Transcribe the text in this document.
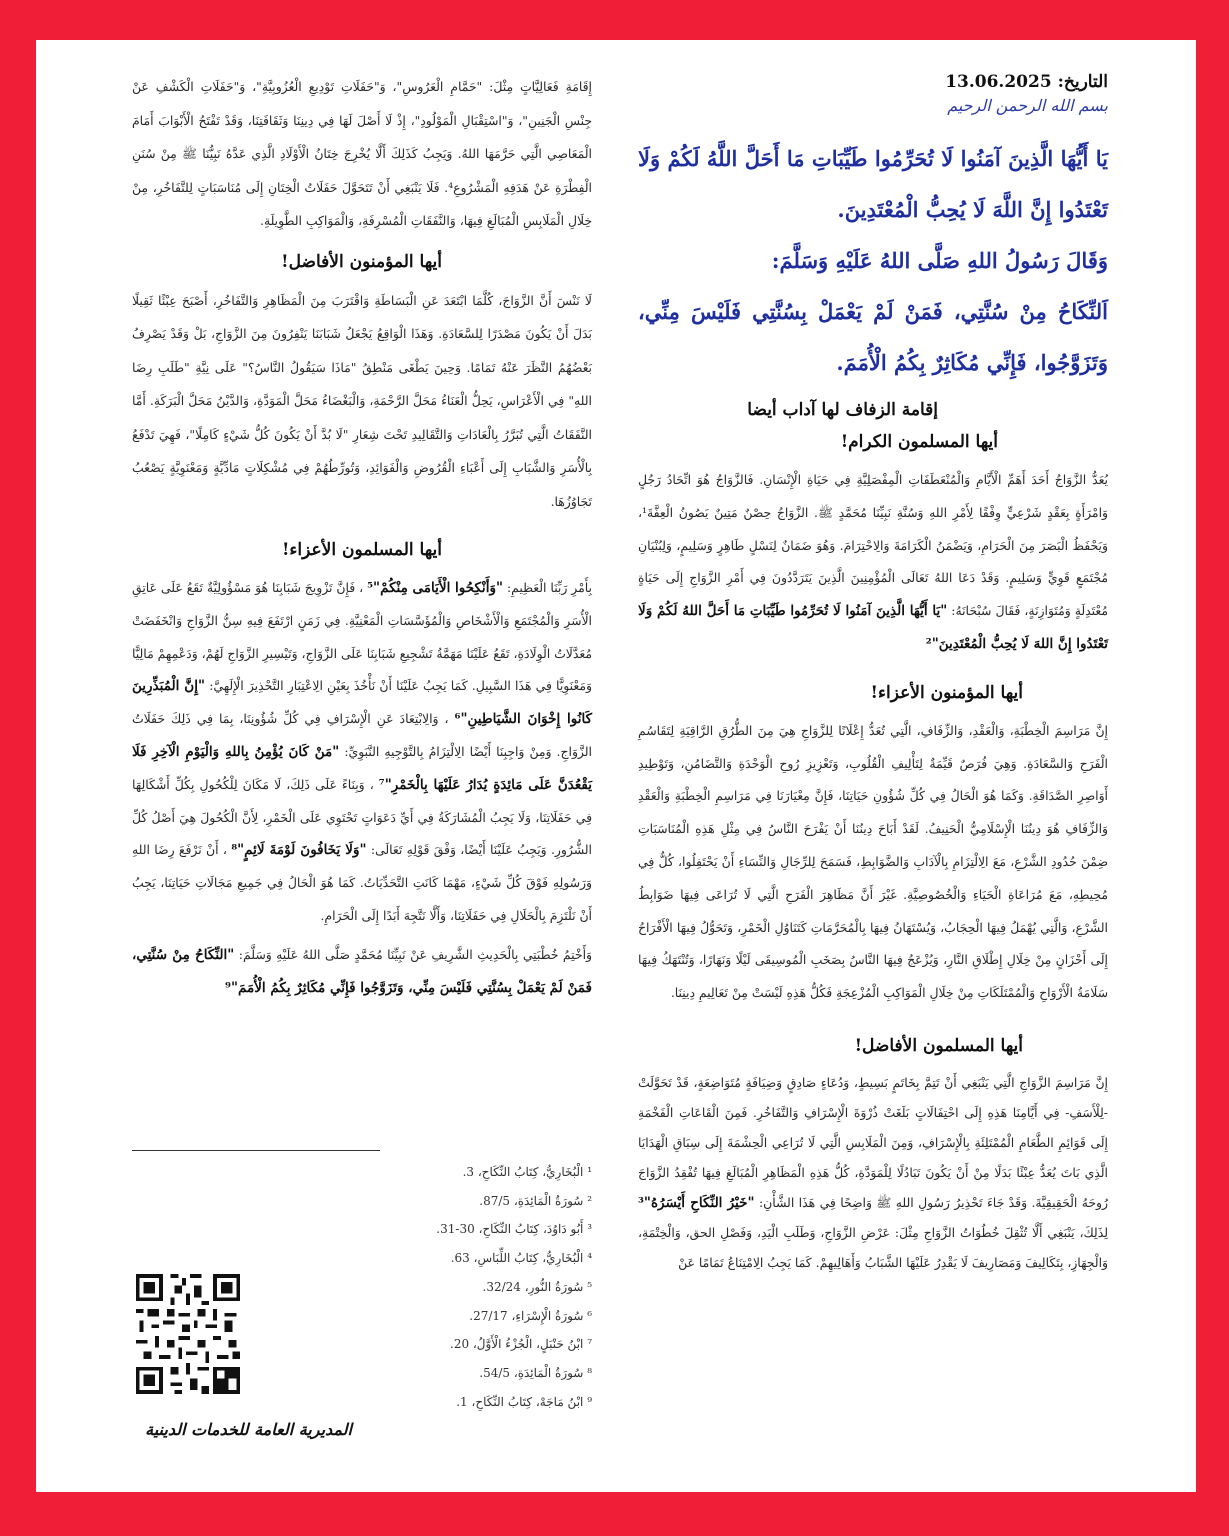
التاريخ: 13.06.2025
بسم الله الرحمن الرحيم
يَا أَيُّهَا الَّذِينَ آمَنُوا لَا تُحَرِّمُوا طَيِّبَاتِ مَا أَحَلَّ اللَّهُ لَكُمْ وَلَا تَعْتَدُوا إِنَّ اللَّهَ لَا يُحِبُّ الْمُعْتَدِينَ.
وَقَالَ رَسُولُ اللهِ صَلَّى اللهُ عَلَيْهِ وَسَلَّمَ:
اَلنِّكَاحُ مِنْ سُنَّتِي، فَمَنْ لَمْ يَعْمَلْ بِسُنَّتِي فَلَيْسَ مِنِّي، وَتَزَوَّجُوا، فَإِنِّي مُكَاثِرٌ بِكُمُ الْأُمَمَ.
إقامة الزفاف لها آداب أيضا
أيها المسلمون الكرام!

يُعَدُّ الزَّوَاجُ أَحَدَ أَهَمِّ الْأَيَّامِ وَالْمُنْعَطَفَاتِ الْمِفْصَلِيَّةِ فِي حَيَاةِ الْإِنْسَانِ. فَالزَّوَاجُ هُوَ اتِّحَادُ رَجُلٍ وَامْرَأَةٍ بِعَقْدٍ شَرْعِيٍّ وِفْقًا لِأَمْرِ اللهِ وَسُنَّةِ نَبِيِّنَا مُحَمَّدٍ ﷺ. الزَّوَاجُ حِصْنٌ مَتِينٌ يَصُونُ الْعِفَّةَ¹، وَيَحْفَظُ الْبَصَرَ مِنَ الْحَرَامِ، وَيَضْمَنُ الْكَرَامَةَ وَالِاحْتِرَامَ. وَهُوَ ضَمَانٌ لِنَسْلٍ طَاهِرٍ وَسَلِيمٍ، وَلِبُنْيَانِ مُجْتَمَعٍ قَوِيٍّ وَسَلِيمٍ. وَقَدْ دَعَا اللهُ تَعَالَى الْمُؤْمِنِينَ الَّذِينَ يَتَرَدَّدُونَ فِي أَمْرِ الزَّوَاجِ إِلَى حَيَاةٍ مُعْتَدِلَةٍ وَمُتَوَازِنَةٍ، فَقَالَ سُبْحَانَهُ: "يَا أَيُّهَا الَّذِينَ آمَنُوا لَا تُحَرِّمُوا طَيِّبَاتِ مَا أَحَلَّ اللهُ لَكُمْ وَلَا تَعْتَدُوا إِنَّ اللهَ لَا يُحِبُّ الْمُعْتَدِينَ"²

أيها المؤمنون الأعزاء!

إِنَّ مَرَاسِمَ الْخِطْبَةِ، وَالْعَقْدِ، وَالزِّفَافِ، الَّتِي تُعَدُّ إِعْلَانًا لِلزَّوَاجِ هِيَ مِنَ الطُّرُقِ الرَّاقِيَةِ لِتَقَاسُمِ الْفَرَحِ وَالسَّعَادَةِ. وَهِيَ فُرَصٌ قَيِّمَةٌ لِتَأْلِيفِ الْقُلُوبِ، وَتَعْزِيزِ رُوحِ الْوَحْدَةِ وَالتَّضَامُنِ، وَتَوْطِيدِ أَوَاصِرِ الصَّدَاقَةِ. وَكَمَا هُوَ الْحَالُ فِي كُلِّ شُؤُونِ حَيَاتِنَا، فَإِنَّ مِعْيَارَنَا فِي مَرَاسِمِ الْخِطْبَةِ وَالْعَقْدِ وَالزِّفَافِ هُوَ دِينُنَا الْإِسْلَامِيُّ الْحَنِيفُ. لَقَدْ أَبَاحَ دِينُنَا أَنْ يَفْرَحَ النَّاسُ فِي مِثْلِ هَذِهِ الْمُنَاسَبَاتِ ضِمْنَ حُدُودِ الشَّرْعِ، مَعَ الِالْتِزَامِ بِالْآدَابِ وَالضَّوَابِطِ، فَسَمَحَ لِلرِّجَالِ وَالنِّسَاءِ أَنْ يَحْتَفِلُوا، كُلٌّ فِي مُحِيطِهِ، مَعَ مُرَاعَاةِ الْحَيَاءِ وَالْخُصُوصِيَّةِ. غَيْرَ أَنَّ مَظَاهِرَ الْفَرَحِ الَّتِي لَا تُرَاعَى فِيهَا ضَوَابِطُ الشَّرْعِ، وَالَّتِي يُهْمَلُ فِيهَا الْحِجَابُ، وَيُسْتَهَانُ فِيهَا بِالْمُحَرَّمَاتِ كَتَنَاوُلِ الْخَمْرِ، وَتَحَوُّلُ فِيهَا الْأَفْرَاحُ إِلَى أَحْزَانٍ مِنْ خِلَالِ إِطْلَاقِ النَّارِ، وَيُزْعَجُ فِيهَا النَّاسُ بِصَخَبِ الْمُوسِيقَى لَيْلًا وَنَهَارًا، وَتُنْتَهَكُ فِيهَا سَلَامَةُ الْأَرْوَاحِ وَالْمُمْتَلَكَاتِ مِنْ خِلَالِ الْمَوَاكِبِ الْمُزْعِجَةِ فَكُلُّ هَذِهِ لَيْسَتْ مِنْ تَعَالِيمِ دِينِنَا.

أيها المسلمون الأفاضل!

إِنَّ مَرَاسِمَ الزَّوَاجِ الَّتِي يَنْبَغِي أَنْ تَتِمَّ بِخَاتَمٍ بَسِيطٍ، وَدُعَاءٍ صَادِقٍ وَضِيَافَةٍ مُتَوَاضِعَةٍ، قَدْ تَحَوَّلَتْ -لِلْأَسَفِ- فِي أَيَّامِنَا هَذِهِ إِلَى احْتِفَالَاتٍ بَلَغَتْ ذُرْوَةَ الْإِسْرَافِ وَالتَّفَاخُرِ. فَمِنَ الْقَاعَاتِ الْفَخْمَةِ إِلَى قَوَائِمِ الطَّعَامِ الْمُمْتَلِئَةِ بِالْإِسْرَافِ، وَمِنَ الْمَلَابِسِ الَّتِي لَا تُرَاعِي الْحِشْمَةَ إِلَى سِبَاقِ الْهَدَايَا الَّذِي بَاتَ يُعَدُّ عِبْئًا بَدَلًا مِنْ أَنْ يَكُونَ تَبَادُلًا لِلْمَوَدَّةِ، كُلُّ هَذِهِ الْمَظَاهِرِ الْمُبَالَغِ فِيهَا تُفْقِدُ الزَّوَاجَ رُوحَهُ الْحَقِيقِيَّةَ. وَقَدْ جَاءَ تَحْذِيرُ رَسُولِ اللهِ ﷺ وَاضِحًا فِي هَذَا الشَّأْنِ: "خَيْرُ النِّكَاحِ أَيْسَرُهُ"³ لِذَلِكَ، يَنْبَغِي أَلَّا تُثْقِلَ خُطُوَاتُ الزَّوَاجِ مِثْلَ: عَرْضِ الزَّوَاجِ، وَطَلَبِ الْيَدِ، وَفَصْلِ الحق، وَالْخِتْمَةِ، وَالْجِهَازِ، بِتَكَالِيفَ وَمَصَارِيفَ لَا يَقْدِرُ عَلَيْهَا الشَّبَابُ وَأَهَالِيهِمْ. كَمَا يَجِبُ الِامْتِنَاعُ تَمَامًا عَنْ

إِقَامَةِ فَعَالِيَّاتٍ مِثْلَ: "حَمَّامِ الْعَرُوسِ"، وَ"حَفَلَاتِ تَوْدِيعِ الْعُزُوبِيَّةِ"، وَ"حَفَلَاتِ الْكَشْفِ عَنْ جِنْسِ الْجَنِينِ"، وَ"اسْتِقْبَالِ الْمَوْلُودِ"، إِذْ لَا أَصْلَ لَهَا فِي دِينِنَا وَثَقَافَتِنَا، وَقَدْ تَفْتَحُ الْأَبْوَابَ أَمَامَ الْمَعَاصِي الَّتِي حَرَّمَهَا اللهُ. وَيَجِبُ كَذَلِكَ أَلَّا يُخْرِجَ خِتَانُ الْأَوْلَادِ الَّذِي عَدَّهُ نَبِيُّنَا ﷺ مِنْ سُنَنِ الْفِطْرَةِ عَنْ هَدَفِهِ الْمَشْرُوعِ⁴. فَلَا يَنْبَغِي أَنْ تَتَحَوَّلَ حَفَلَاتُ الْخِتَانِ إِلَى مُنَاسَبَاتٍ لِلتَّفَاخُرِ، مِنْ خِلَالِ الْمَلَابِسِ الْمُبَالَغِ فِيهَا، وَالنَّفَقَاتِ الْمُسْرِفَةِ، وَالْمَوَاكِبِ الطَّوِيلَةِ.

أيها المؤمنون الأفاضل!

لَا نَنْسَ أَنَّ الزَّوَاجَ، كُلَّمَا ابْتَعَدَ عَنِ الْبَسَاطَةِ وَاقْتَرَبَ مِنَ الْمَظَاهِرِ وَالتَّفَاخُرِ، أَصْبَحَ عِبْئًا ثَقِيلًا بَدَلَ أَنْ يَكُونَ مَصْدَرًا لِلسَّعَادَةِ. وَهَذَا الْوَاقِعُ يَجْعَلُ شَبَابَنَا يَنْفِرُونَ مِنَ الزَّوَاجِ، بَلْ وَقَدْ يَصْرِفُ بَعْضُهُمُ النَّظَرَ عَنْهُ تَمَامًا. وَحِينَ يَطْغَى مَنْطِقُ "مَاذَا سَيَقُولُ النَّاسُ؟" عَلَى نِيَّةِ "طَلَبِ رِضَا اللهِ" فِي الْأَعْرَاسِ، يَحِلُّ الْعَنَاءُ مَحَلَّ الرَّحْمَةِ، وَالْبَغْضَاءُ مَحَلَّ الْمَوَدَّةِ، وَالدَّيْنُ مَحَلَّ الْبَرَكَةِ. أَمَّا النَّفَقَاتُ الَّتِي تُبَرَّرُ بِالْعَادَاتِ وَالتَّقَالِيدِ تَحْتَ شِعَارِ "لَا بُدَّ أَنْ يَكُونَ كُلُّ شَيْءٍ كَامِلًا"، فَهِيَ تَدْفَعُ بِالْأُسَرِ وَالشَّبَابِ إِلَى أَعْبَاءِ الْقُرُوضِ وَالْفَوَائِدِ، وَتُورِّطُهُمْ فِي مُشْكِلَاتٍ مَادِّيَّةٍ وَمَعْنَوِيَّةٍ يَصْعُبُ تَجَاوُزُهَا.

أيها المسلمون الأعزاء!

بِأَمْرِ رَبِّنَا الْعَظِيمِ: "وَأَنْكِحُوا الْأَيَامَى مِنْكُمْ"⁵ ، فَإِنَّ تَزْوِيجَ شَبَابِنَا هُوَ مَسْؤُولِيَّةٌ تَقَعُ عَلَى عَاتِقِ الْأُسَرِ وَالْمُجْتَمَعِ وَالْأَشْخَاصِ وَالْمُؤَسَّسَاتِ الْمَعْنِيَّةِ. فِي زَمَنٍ ارْتَفَعَ فِيهِ سِنُّ الزَّوَاجِ وَانْخَفَضَتْ مُعَدَّلَاتُ الْوِلَادَةِ، تَقَعُ عَلَيْنَا مَهَمَّةُ تَشْجِيعِ شَبَابِنَا عَلَى الزَّوَاجِ، وَتَيْسِيرِ الزَّوَاجِ لَهُمْ، وَدَعْمِهِمْ مَالِيًّا وَمَعْنَوِيًّا فِي هَذَا السَّبِيلِ. كَمَا يَجِبُ عَلَيْنَا أَنْ نَأْخُذَ بِعَيْنِ الِاعْتِبَارِ التَّحْذِيرَ الْإِلَهِيَّ: "إِنَّ الْمُبَذِّرِينَ كَانُوا إِخْوَانَ الشَّيَاطِينِ"⁶ ، وَالِابْتِعَادَ عَنِ الْإِسْرَافِ فِي كُلِّ شُؤُونِنَا، بِمَا فِي ذَلِكَ حَفَلَاتُ الزَّوَاجِ. وَمِنْ وَاجِبِنَا أَيْضًا الِالْتِزَامُ بِالتَّوْجِيهِ النَّبَوِيِّ: "مَنْ كَانَ يُؤْمِنُ بِاللهِ وَالْيَوْمِ الْآخِرِ فَلَا يَقْعُدَنَّ عَلَى مَائِدَةٍ يُدَارُ عَلَيْهَا بِالْخَمْرِ"⁷ ، وَبِنَاءً عَلَى ذَلِكَ، لَا مَكَانَ لِلْكُحُولِ بِكُلِّ أَشْكَالِهَا فِي حَفَلَاتِنَا، وَلَا يَجِبُ الْمُشَارَكَةُ فِي أَيِّ دَعَوَاتٍ تَحْتَوِي عَلَى الْخَمْرِ، لِأَنَّ الْكُحُولَ هِيَ أَصْلُ كُلِّ الشُّرُورِ. وَيَجِبُ عَلَيْنَا أَيْضًا، وَفْقَ قَوْلِهِ تَعَالَى: "وَلَا يَخَافُونَ لَوْمَةَ لَائِمٍ"⁸ ، أَنْ نَرْفَعَ رِضَا اللهِ وَرَسُولِهِ فَوْقَ كُلِّ شَيْءٍ، مَهْمَا كَانَتِ التَّحَدِّيَاتُ. كَمَا هُوَ الْحَالُ فِي جَمِيعِ مَجَالَاتِ حَيَاتِنَا، يَجِبُ أَنْ نَلْتَزِمَ بِالْحَلَالِ فِي حَفَلَاتِنَا، وَأَلَّا نَتَّجِهَ أَبَدًا إِلَى الْحَرَامِ.

وَأَخْتِمُ خُطْبَتِي بِالْحَدِيثِ الشَّرِيفِ عَنْ نَبِيِّنَا مُحَمَّدٍ صَلَّى اللهُ عَلَيْهِ وَسَلَّمَ: "النِّكَاحُ مِنْ سُنَّتِي، فَمَنْ لَمْ يَعْمَلْ بِسُنَّتِي فَلَيْسَ مِنِّي، وَتَزَوَّجُوا فَإِنِّي مُكَاثِرٌ بِكُمُ الْأُمَمَ"⁹

¹ الْبُخَارِيُّ، كِتَابُ النِّكَاحِ، 3.
² سُورَةُ الْمَائِدَةِ، 87/5.
³ أَبُو دَاوُدَ، كِتَابُ النِّكَاحِ، 30-31.
⁴ الْبُخَارِيُّ، كِتَابُ اللِّبَاسِ، 63.
⁵ سُورَةُ النُّورِ، 32/24.
⁶ سُورَةُ الْإِسْرَاءِ، 27/17.
⁷ ابْنُ حَنْبَلٍ، الْجُزْءُ الْأَوَّلُ، 20.
⁸ سُورَةُ الْمَائِدَةِ، 54/5.
⁹ ابْنُ مَاجَهْ، كِتَابُ النِّكَاحِ، 1.
المديرية العامة للخدمات الدينية
